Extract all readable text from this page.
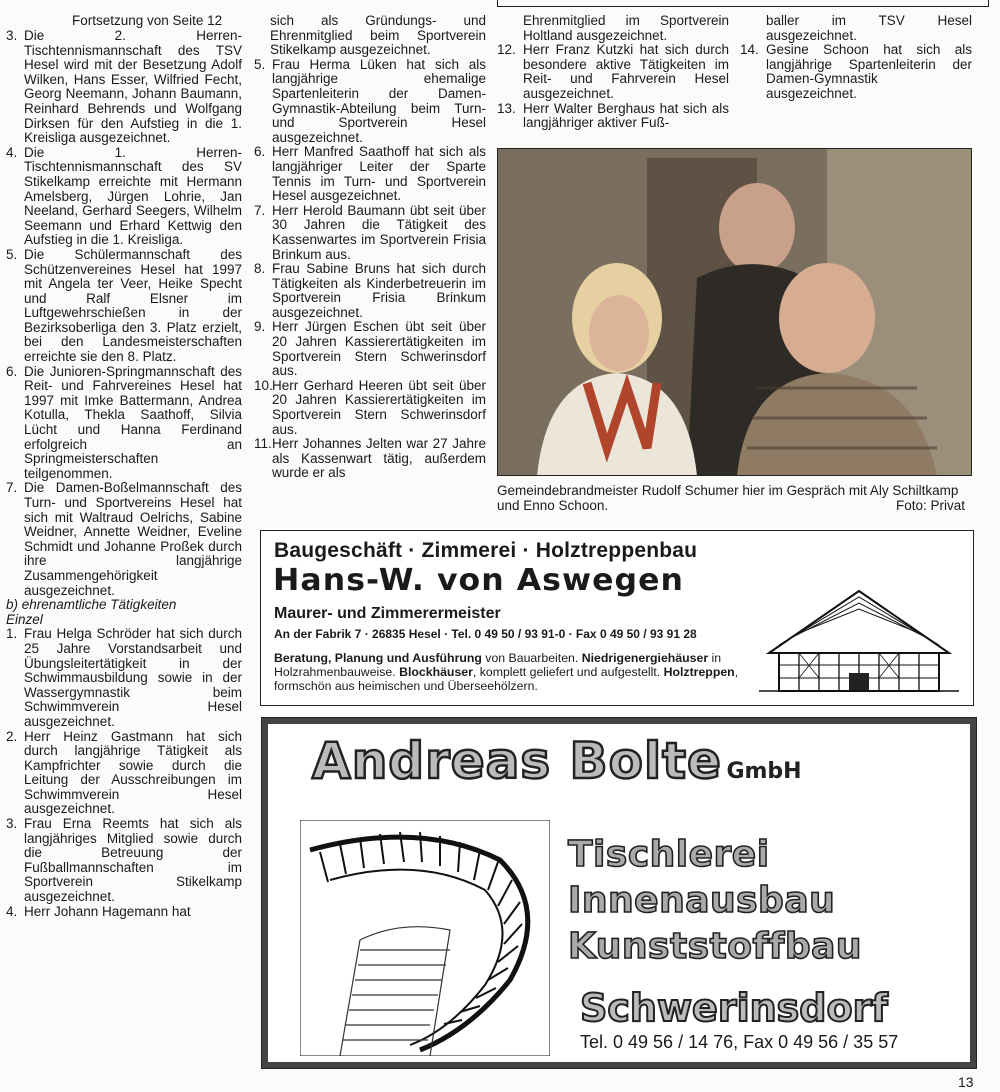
Fortsetzung von Seite 12
3. Die 2. Herren-Tischtennismannschaft des TSV Hesel wird mit der Besetzung Adolf Wilken, Hans Esser, Wilfried Fecht, Georg Neemann, Johann Baumann, Reinhard Behrends und Wolfgang Dirksen für den Aufstieg in die 1. Kreisliga ausgezeichnet.
4. Die 1. Herren-Tischtennismannschaft des SV Stikelkamp erreichte mit Hermann Amelsberg, Jürgen Lohrie, Jan Neeland, Gerhard Seegers, Wilhelm Seemann und Erhard Kettwig den Aufstieg in die 1. Kreisliga.
5. Die Schülermannschaft des Schützenvereines Hesel hat 1997 mit Angela ter Veer, Heike Specht und Ralf Elsner im Luftgewehrschießen in der Bezirksoberliga den 3. Platz erzielt, bei den Landesmeisterschaften erreichte sie den 8. Platz.
6. Die Junioren-Springmannschaft des Reit- und Fahrvereines Hesel hat 1997 mit Imke Battermann, Andrea Kotulla, Thekla Saathoff, Silvia Lücht und Hanna Ferdinand erfolgreich an Springmeisterschaften teilgenommen.
7. Die Damen-Boßelmannschaft des Turn- und Sportvereins Hesel hat sich mit Waltraud Oelrichs, Sabine Weidner, Annette Weidner, Eveline Schmidt und Johanne Proßek durch ihre langjährige Zusammengehörigkeit ausgezeichnet.

b) ehrenamtliche Tätigkeiten

Einzel

1. Frau Helga Schröder hat sich durch 25 Jahre Vorstandsarbeit und Übungsleitertätigkeit in der Schwimmausbildung sowie in der Wassergymnastik beim Schwimmverein Hesel ausgezeichnet.
2. Herr Heinz Gastmann hat sich durch langjährige Tätigkeit als Kampfrichter sowie durch die Leitung der Ausschreibungen im Schwimmverein Hesel ausgezeichnet.
3. Frau Erna Reemts hat sich als langjähriges Mitglied sowie durch die Betreuung der Fußballmannschaften im Sportverein Stikelkamp ausgezeichnet.
4. Herr Johann Hagemann hat

sich als Gründungs- und Ehrenmitglied beim Sportverein Stikelkamp ausgezeichnet.

5. Frau Herma Lüken hat sich als langjährige ehemalige Spartenleiterin der Damen-Gymnastik-Abteilung beim Turn- und Sportverein Hesel ausgezeichnet.
6. Herr Manfred Saathoff hat sich als langjähriger Leiter der Sparte Tennis im Turn- und Sportverein Hesel ausgezeichnet.
7. Herr Herold Baumann übt seit über 30 Jahren die Tätigkeit des Kassenwartes im Sportverein Frisia Brinkum aus.
8. Frau Sabine Bruns hat sich durch Tätigkeiten als Kinderbetreuerin im Sportverein Frisia Brinkum ausgezeichnet.
9. Herr Jürgen Eschen übt seit über 20 Jahren Kassierertätigkeiten im Sportverein Stern Schwerinsdorf aus.
10. Herr Gerhard Heeren übt seit über 20 Jahren Kassierertätigkeiten im Sportverein Stern Schwerinsdorf aus.
11. Herr Johannes Jelten war 27 Jahre als Kassenwart tätig, außerdem wurde er als

Ehrenmitglied im Sportverein Holtland ausgezeichnet.

12. Herr Franz Kutzki hat sich durch besondere aktive Tätigkeiten im Reit- und Fahrverein Hesel ausgezeichnet.
13. Herr Walter Berghaus hat sich als langjähriger aktiver Fuß-

baller im TSV Hesel ausgezeichnet.

14. Gesine Schoon hat sich als langjährige Spartenleiterin der Damen-Gymnastik ausgezeichnet.
Gemeindebrandmeister Rudolf Schumer hier im Gespräch mit Aly Schiltkamp und Enno Schoon.	Foto: Privat
Baugeschäft · Zimmerei · Holztreppenbau
Hans-W. von Aswegen
Maurer- und Zimmerermeister
An der Fabrik 7 · 26835 Hesel · Tel. 0 49 50 / 93 91-0 · Fax 0 49 50 / 93 91 28
Beratung, Planung und Ausführung von Bauarbeiten. Niedrigenergiehäuser in Holzrahmenbauweise. Blockhäuser, komplett geliefert und aufgestellt. Holztreppen, formschön aus heimischen und Überseehölzern.
Andreas Bolte GmbH
Tischlerei
Innenausbau
Kunststoffbau
Schwerinsdorf
Tel. 0 49 56 / 14 76, Fax 0 49 56 / 35 57
13
